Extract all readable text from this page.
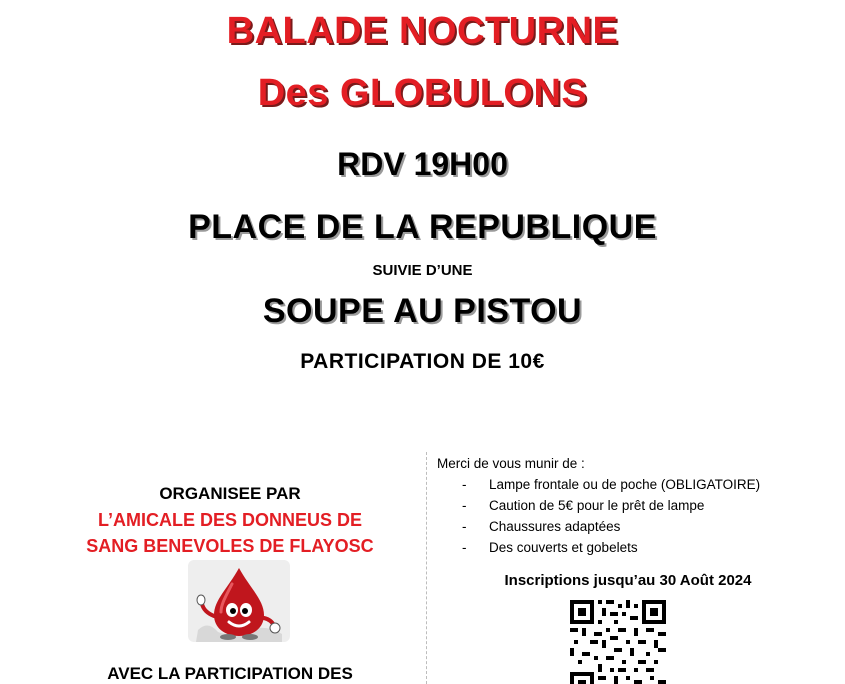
BALADE NOCTURNE
Des GLOBULONS
RDV 19H00
PLACE DE LA REPUBLIQUE
SUIVIE D’UNE
SOUPE AU PISTOU
PARTICIPATION DE 10€
ORGANISEE PAR
L’AMICALE DES DONNEUS DE
SANG BENEVOLES DE FLAYOSC
AVEC LA PARTICIPATION DES
Merci de vous munir de :
- Lampe frontale ou de poche (OBLIGATOIRE)
- Caution de 5€ pour le prêt de lampe
- Chaussures adaptées
- Des couverts et gobelets
Inscriptions jusqu’au 30 Août 2024
